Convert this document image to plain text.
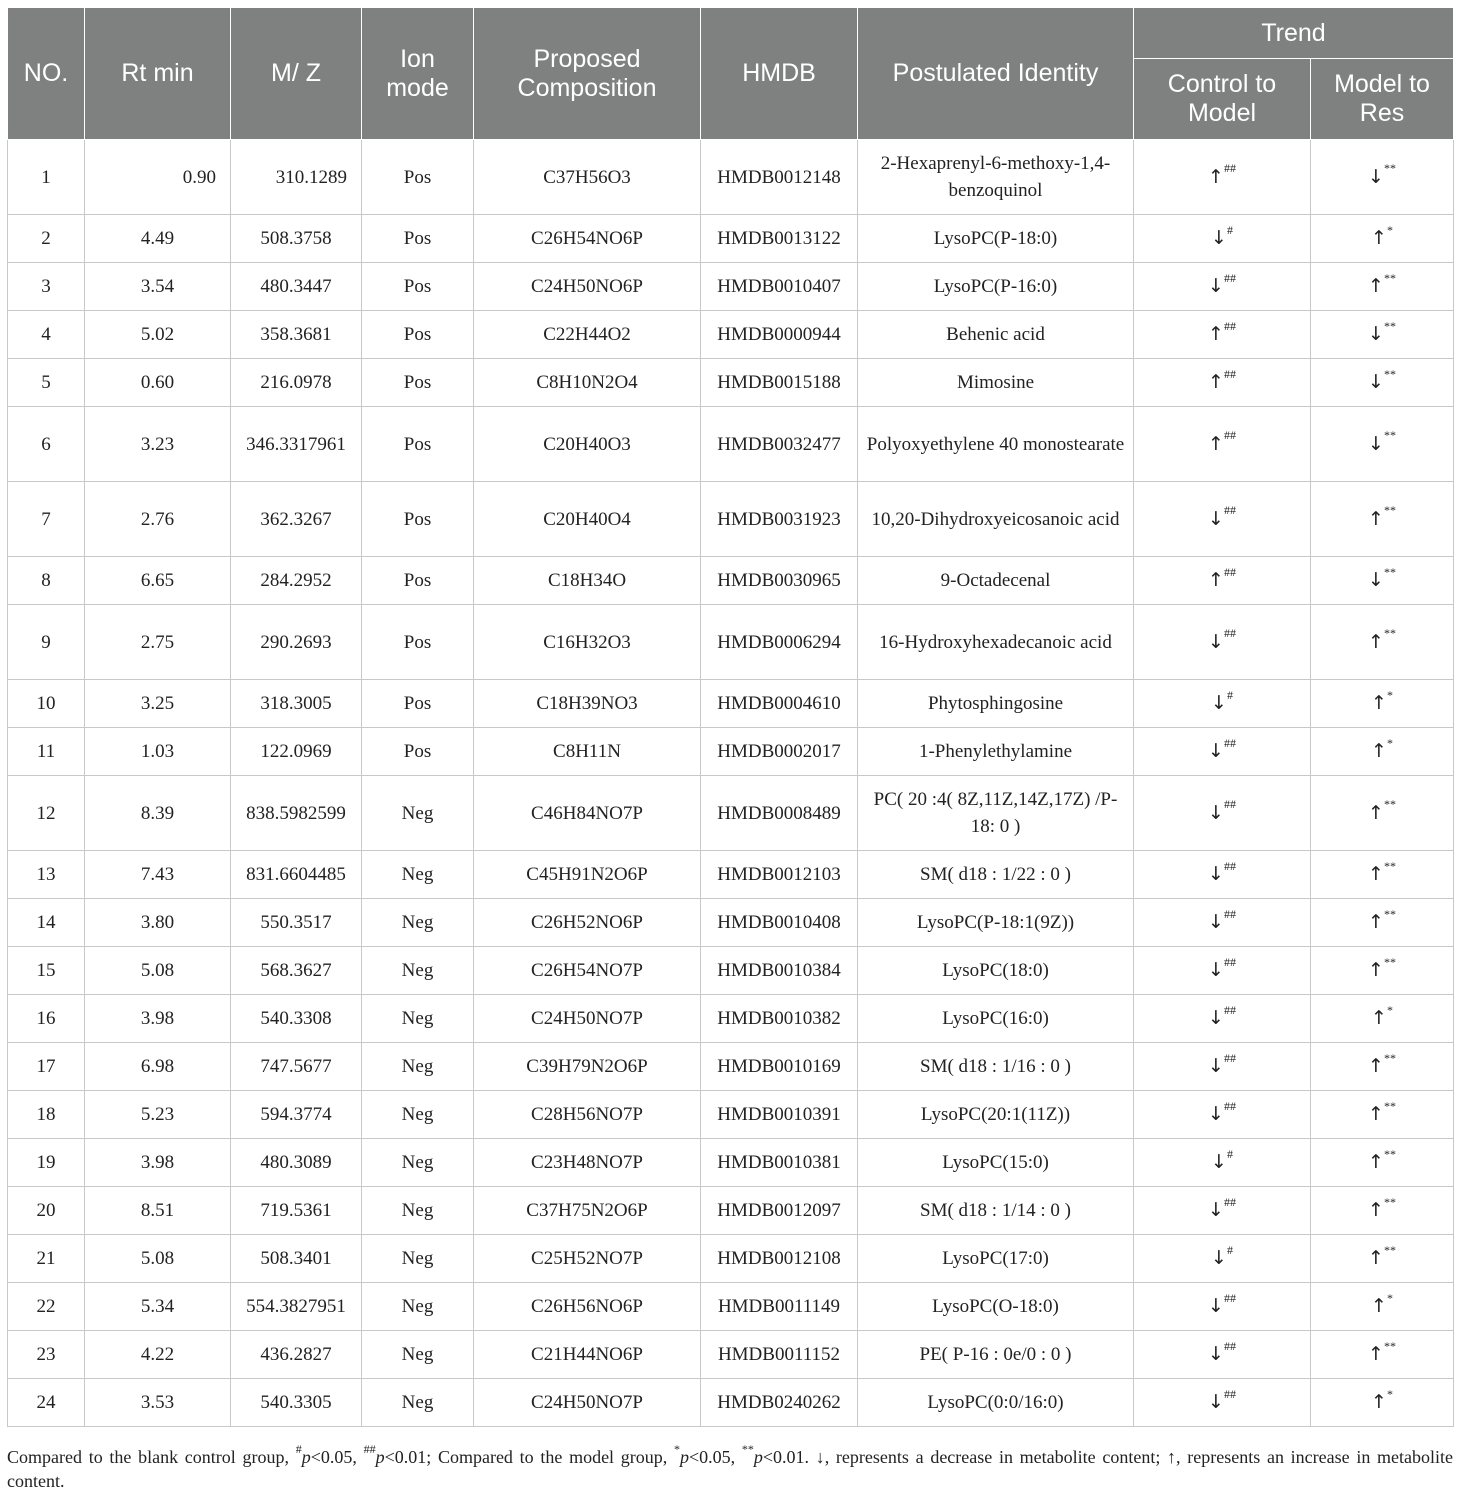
NO.	Rt min	M/ Z	Ion mode	Proposed Composition	HMDB	Postulated Identity	Trend	
							Control to Model	Model to Res
1	0.90	310.1289	Pos	C37H56O3	HMDB0012148	2-Hexaprenyl-6-methoxy-1,4-benzoquinol	↑##	↓**
2	4.49	508.3758	Pos	C26H54NO6P	HMDB0013122	LysoPC(P-18:0)	↓#	↑*
3	3.54	480.3447	Pos	C24H50NO6P	HMDB0010407	LysoPC(P-16:0)	↓##	↑**
4	5.02	358.3681	Pos	C22H44O2	HMDB0000944	Behenic acid	↑##	↓**
5	0.60	216.0978	Pos	C8H10N2O4	HMDB0015188	Mimosine	↑##	↓**
6	3.23	346.3317961	Pos	C20H40O3	HMDB0032477	Polyoxyethylene 40 monostearate	↑##	↓**
7	2.76	362.3267	Pos	C20H40O4	HMDB0031923	10,20-Dihydroxyeicosanoic acid	↓##	↑**
8	6.65	284.2952	Pos	C18H34O	HMDB0030965	9-Octadecenal	↑##	↓**
9	2.75	290.2693	Pos	C16H32O3	HMDB0006294	16-Hydroxyhexadecanoic acid	↓##	↑**
10	3.25	318.3005	Pos	C18H39NO3	HMDB0004610	Phytosphingosine	↓#	↑*
11	1.03	122.0969	Pos	C8H11N	HMDB0002017	1-Phenylethylamine	↓##	↑*
12	8.39	838.5982599	Neg	C46H84NO7P	HMDB0008489	PC( 20 :4( 8Z,11Z,14Z,17Z) /P-18: 0 )	↓##	↑**
13	7.43	831.6604485	Neg	C45H91N2O6P	HMDB0012103	SM( d18 : 1/22 : 0 )	↓##	↑**
14	3.80	550.3517	Neg	C26H52NO6P	HMDB0010408	LysoPC(P-18:1(9Z))	↓##	↑**
15	5.08	568.3627	Neg	C26H54NO7P	HMDB0010384	LysoPC(18:0)	↓##	↑**
16	3.98	540.3308	Neg	C24H50NO7P	HMDB0010382	LysoPC(16:0)	↓##	↑*
17	6.98	747.5677	Neg	C39H79N2O6P	HMDB0010169	SM( d18 : 1/16 : 0 )	↓##	↑**
18	5.23	594.3774	Neg	C28H56NO7P	HMDB0010391	LysoPC(20:1(11Z))	↓##	↑**
19	3.98	480.3089	Neg	C23H48NO7P	HMDB0010381	LysoPC(15:0)	↓#	↑**
20	8.51	719.5361	Neg	C37H75N2O6P	HMDB0012097	SM( d18 : 1/14 : 0 )	↓##	↑**
21	5.08	508.3401	Neg	C25H52NO7P	HMDB0012108	LysoPC(17:0)	↓#	↑**
22	5.34	554.3827951	Neg	C26H56NO6P	HMDB0011149	LysoPC(O-18:0)	↓##	↑*
23	4.22	436.2827	Neg	C21H44NO6P	HMDB0011152	PE( P-16 : 0e/0 : 0 )	↓##	↑**
24	3.53	540.3305	Neg	C24H50NO7P	HMDB0240262	LysoPC(0:0/16:0)	↓##	↑*
Compared to the blank control group, #p<0.05, ##p<0.01; Compared to the model group, *p<0.05, **p<0.01. ↓, represents a decrease in metabolite content; ↑, represents an increase in metabolite content.
